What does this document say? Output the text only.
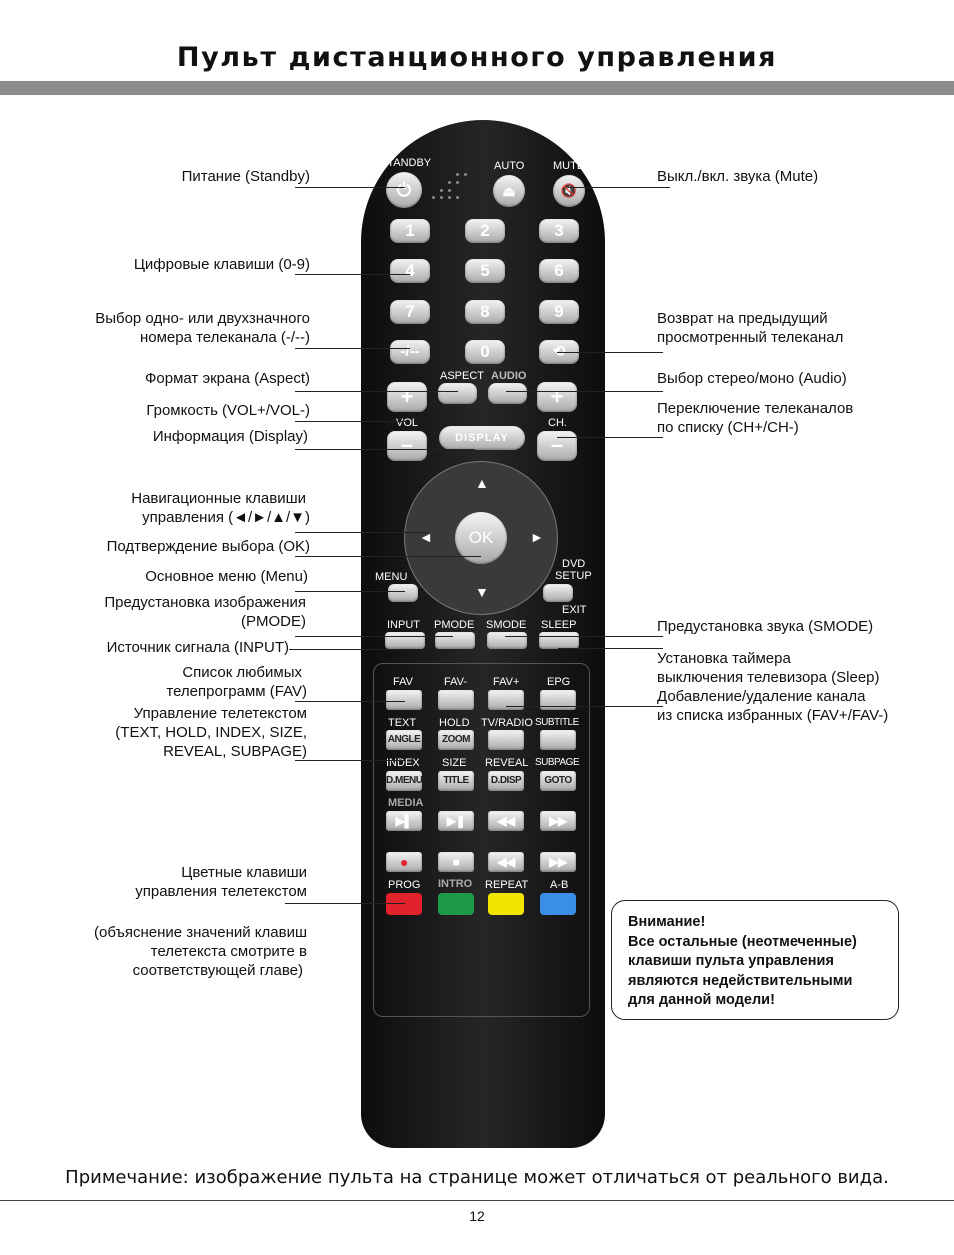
Пульт дистанционного управления
Питание (Standby)
Цифровые клавиши (0-9)
Выбор одно- или двухзначного
номера телеканала (-/--)
Формат экрана (Aspect)
Громкость (VOL+/VOL-)
Информация (Display)
Навигационные клавиши
управления (◄/►/▲/▼)
Подтверждение выбора (OK)
Основное меню (Menu)
Предустановка изображения
(PMODE)
Источник сигнала (INPUT)
Список любимых
телепрограмм (FAV)
Управление телетекстом
(TEXT, HOLD, INDEX, SIZE,
REVEAL, SUBPAGE)
Цветные клавиши
управления телетекстом
(объяснение значений клавиш
телетекста смотрите в
соответствующей главе)
Выкл./вкл. звука (Mute)
Возврат на предыдущий
просмотренный телеканал
Выбор стерео/моно (Audio)
Переключение телеканалов
по списку (CH+/CH-)
Предустановка звука (SMODE)
Установка таймера
выключения телевизора (Sleep)
Добавление/удаление канала
из списка избранных (FAV+/FAV-)
STANDBY	AUTO	MUTE
⏻	⏏	🔇
1	2	3
4	5	6
7	8	9
-/--	0	⟲
ASPECT AUDIO
+	+
VOL	CH.
–	–
DISPLAY
▲
▼
◄	►
OK
MENU
DVD
SETUP
EXIT
INPUT PMODE SMODE SLEEP
FAV	FAV- FAV+	EPG
TEXT HOLD TV/RADIO SUBTITLE
ANGLE	ZOOM
INDEX SIZE REVEAL SUBPAGE
D.MENU	TITLE	D.DISP	GOTO
MEDIA
▶▌	▶❚	◀◀	▶▶
●	■	◀◀	▶▶
PROG INTRO REPEAT A-B
Внимание!
Все остальные (неотмеченные)
клавиши пульта управления
являются недействительными
для данной модели!
Примечание: изображение пульта на странице может отличаться от реального вида.
12
